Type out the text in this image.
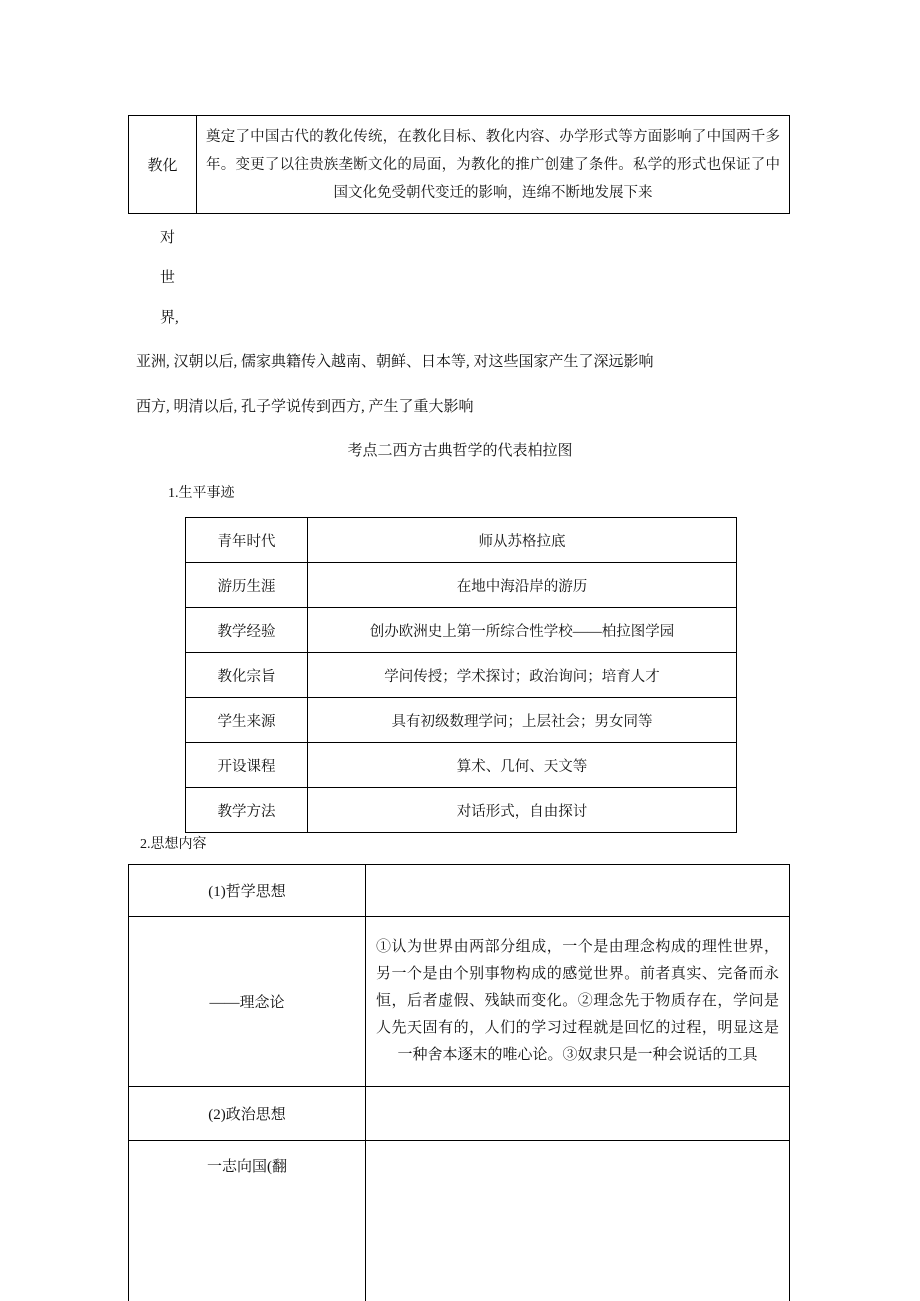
教化	奠定了中国古代的教化传统，在教化目标、教化内容、办学形式等方面影响了中国两千多年。变更了以往贵族垄断文化的局面，为教化的推广创建了条件。私学的形式也保证了中国文化免受朝代变迁的影响，连绵不断地发展下来
对
世
界,
亚洲, 汉朝以后, 儒家典籍传入越南、朝鲜、日本等, 对这些国家产生了深远影响
西方, 明清以后, 孔子学说传到西方, 产生了重大影响
考点二西方古典哲学的代表柏拉图
1.生平事迹
青年时代	师从苏格拉底
游历生涯	在地中海沿岸的游历
教学经验	创办欧洲史上第一所综合性学校——柏拉图学园
教化宗旨	学问传授；学术探讨；政治询问；培育人才
学生来源	具有初级数理学问；上层社会；男女同等
开设课程	算术、几何、天文等
教学方法	对话形式，自由探讨
2.思想内容
(1)哲学思想	
——理念论	①认为世界由两部分组成，一个是由理念构成的理性世界，另一个是由个别事物构成的感觉世界。前者真实、完备而永恒，后者虚假、残缺而变化。②理念先于物质存在，学问是人先天固有的，人们的学习过程就是回忆的过程，明显这是一种舍本逐末的唯心论。③奴隶只是一种会说话的工具
(2)政治思想	
一志向国(翻	
